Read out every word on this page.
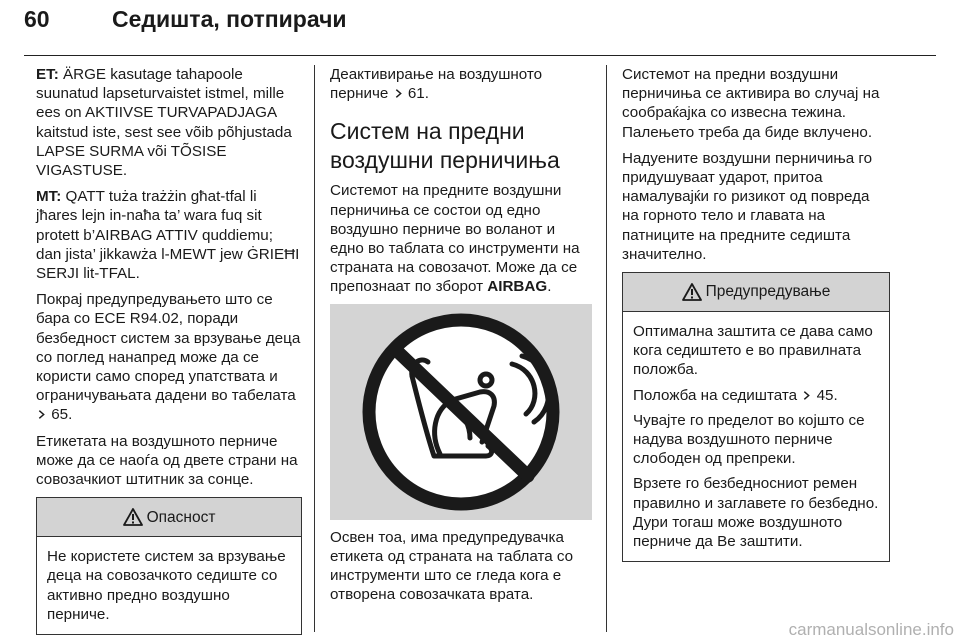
60	Седишта, потпирачи

ET: ÄRGE kasutage tahapoole suunatud lapseturvaistet istmel, mille ees on AKTIIVSE TURVAPADJAGA kaitstud iste, sest see võib põhjustada LAPSE SURMA või TÕSISE VIGASTUSE.

MT: QATT tuża trażżin għat-tfal li jħares lejn in-naħa ta’ wara fuq sit protett b’AIRBAG ATTIV quddiemu; dan jista’ jikkawża l-MEWT jew ĠRIEĦI SERJI lit-TFAL.

Покрај предупредувањето што се бара со ECE R94.02, поради безбедност систем за врзување деца со поглед нанапред може да се користи само според упатствата и ограничувањата дадени во табелата  65.

Етикетата на воздушното перниче може да се наоѓа од двете страни на совозачкиот штитник за сонце.

Опасност

Не користете систем за врзување деца на совозачкото седиште со активно предно воздушно перниче.

Деактивирање на воздушното перниче 61.

Систем на предни воздушни перничиња

Системот на предните воздушни перничиња се состои од едно воздушно перниче во воланот и едно во таблата со инструменти на страната на совозачот. Може да се препознаат по зборот AIRBAG.

Освен тоа, има предупредувачка етикета од страната на таблата со инструменти што се гледа кога е отворена совозачката врата.

Системот на предни воздушни перничиња се активира во случај на сообраќајка со извесна тежина. Палењето треба да биде вклучено.

Надуените воздушни перничиња го придушуваат ударот, притоа намалуваjќи го ризикот од повреда на горното тело и главата на патниците на предните седишта значително.

Предупредување

Оптимална заштита се дава само кога седиштето е во правилната положба.

Положба на седиштата 45.

Чувајте го пределот во којшто се надува воздушното перниче слободен од препреки.

Врзете го безбедносниот ремен правилно и заглавете го безбедно. Дури тогаш може воздушното перниче да Ве заштити.

carmanualsonline.info
